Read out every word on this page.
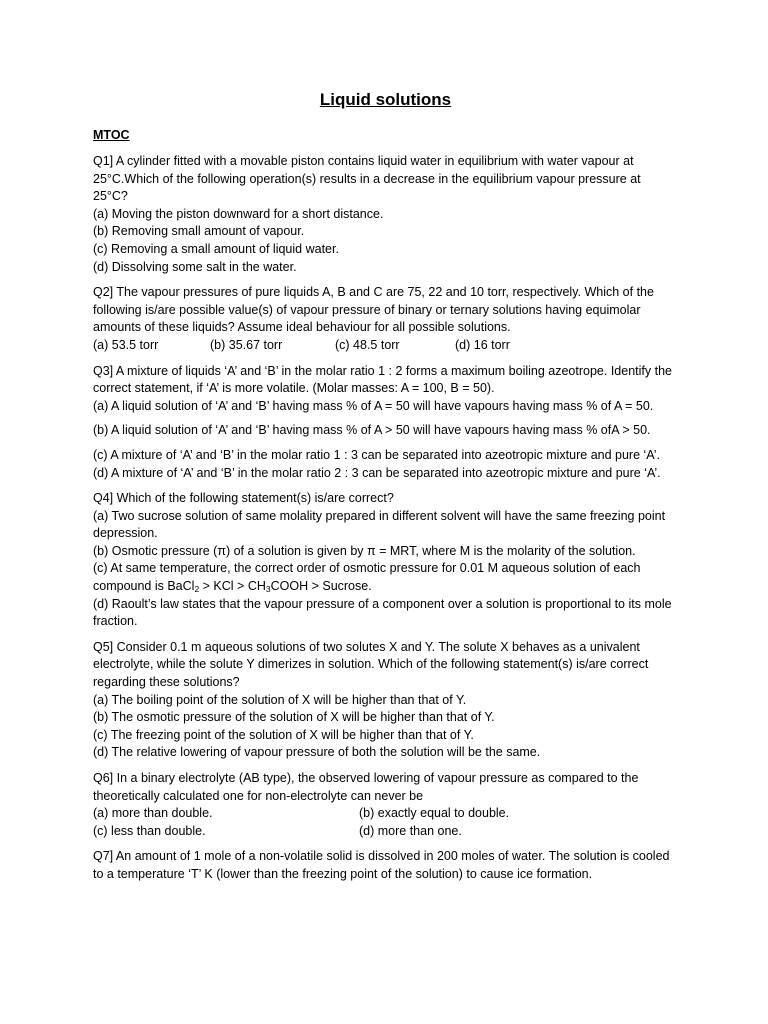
Liquid solutions
MTOC
Q1] A cylinder fitted with a movable piston contains liquid water in equilibrium with water vapour at 25°C.Which of the following operation(s) results in a decrease in the equilibrium vapour pressure at 25°C?
(a) Moving the piston downward for a short distance.
(b) Removing small amount of vapour.
(c) Removing a small amount of liquid water.
(d) Dissolving some salt in the water.
Q2] The vapour pressures of pure liquids A, B and C are 75, 22 and 10 torr, respectively. Which of the following is/are possible value(s) of vapour pressure of binary or ternary solutions having equimolar amounts of these liquids? Assume ideal behaviour for all possible solutions.
(a) 53.5 torr	(b) 35.67 torr	(c) 48.5 torr	(d) 16 torr
Q3] A mixture of liquids ‘A’ and ‘B’ in the molar ratio 1 : 2 forms a maximum boiling azeotrope. Identify the correct statement, if ‘A’ is more volatile. (Molar masses: A = 100, B = 50).
(a) A liquid solution of ‘A’ and ‘B’ having mass % of A = 50 will have vapours having mass % of A = 50.
(b) A liquid solution of ‘A’ and ‘B’ having mass % of A > 50 will have vapours having mass % ofA > 50.
(c) A mixture of ‘A’ and ‘B’ in the molar ratio 1 : 3 can be separated into azeotropic mixture and pure ‘A’.
(d) A mixture of ‘A’ and ‘B’ in the molar ratio 2 : 3 can be separated into azeotropic mixture and pure ‘A’.
Q4] Which of the following statement(s) is/are correct?
(a) Two sucrose solution of same molality prepared in different solvent will have the same freezing point depression.
(b) Osmotic pressure (π) of a solution is given by π = MRT, where M is the molarity of the solution.
(c) At same temperature, the correct order of osmotic pressure for 0.01 M aqueous solution of each compound is BaCl$_2$ > KCl > $CH_3COOH$ > Sucrose.
(d) Raoult’s law states that the vapour pressure of a component over a solution is proportional to its mole fraction.
Q5] Consider 0.1 m aqueous solutions of two solutes X and Y. The solute X behaves as a univalent electrolyte, while the solute Y dimerizes in solution. Which of the following statement(s) is/are correct regarding these solutions?
(a) The boiling point of the solution of X will be higher than that of Y.
(b) The osmotic pressure of the solution of X will be higher than that of Y.
(c) The freezing point of the solution of X will be higher than that of Y.
(d) The relative lowering of vapour pressure of both the solution will be the same.
Q6] In a binary electrolyte (AB type), the observed lowering of vapour pressure as compared to the theoretically calculated one for non-electrolyte can never be
(a) more than double.	(b) exactly equal to double.
(c) less than double.	(d) more than one.
Q7] An amount of 1 mole of a non-volatile solid is dissolved in 200 moles of water. The solution is cooled to a temperature ‘T’ K (lower than the freezing point of the solution) to cause ice formation.
